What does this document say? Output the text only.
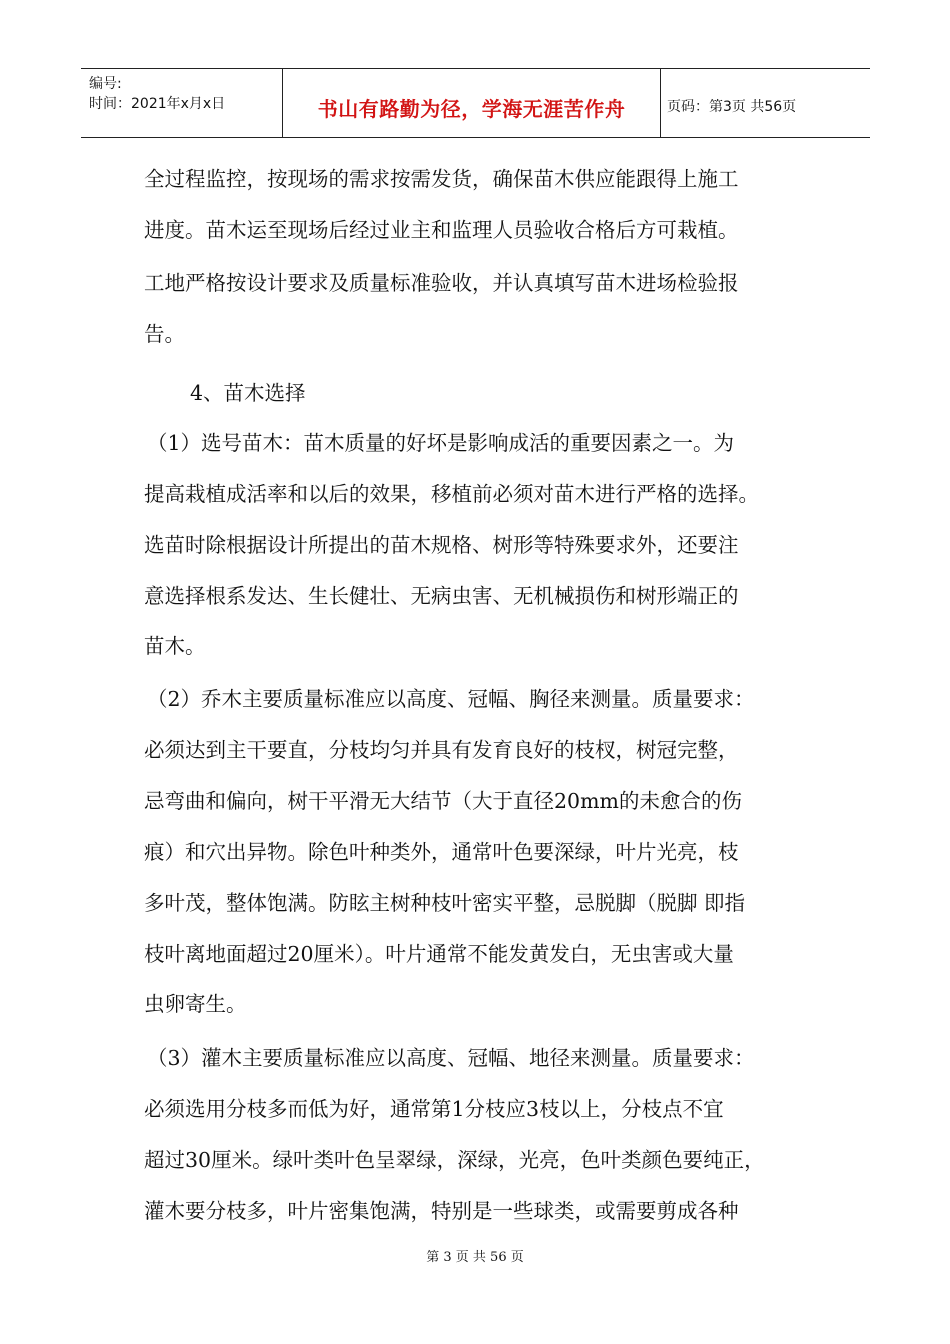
编号:
时间：2021年x月x日	书山有路勤为径，学海无涯苦作舟	页码：第3页 共56页
全过程监控，按现场的需求按需发货，确保苗木供应能跟得上施工
进度。苗木运至现场后经过业主和监理人员验收合格后方可栽植。
工地严格按设计要求及质量标准验收，并认真填写苗木进场检验报
告。
4、苗木选择
（1）选号苗木：苗木质量的好坏是影响成活的重要因素之一。为
提高栽植成活率和以后的效果，移植前必须对苗木进行严格的选择。
选苗时除根据设计所提出的苗木规格、树形等特殊要求外，还要注
意选择根系发达、生长健壮、无病虫害、无机械损伤和树形端正的
苗木。
（2）乔木主要质量标准应以高度、冠幅、胸径来测量。质量要求：
必须达到主干要直，分枝均匀并具有发育良好的枝杈，树冠完整，
忌弯曲和偏向，树干平滑无大结节（大于直径20mm的未愈合的伤
痕）和穴出异物。除色叶种类外，通常叶色要深绿，叶片光亮，枝
多叶茂，整体饱满。防眩主树种枝叶密实平整，忌脱脚（脱脚 即指
枝叶离地面超过20厘米）。叶片通常不能发黄发白，无虫害或大量
虫卵寄生。
（3）灌木主要质量标准应以高度、冠幅、地径来测量。质量要求：
必须选用分枝多而低为好，通常第1分枝应3枝以上，分枝点不宜
超过30厘米。绿叶类叶色呈翠绿，深绿，光亮，色叶类颜色要纯正，
灌木要分枝多，叶片密集饱满，特别是一些球类，或需要剪成各种
第 3 页 共 56 页
